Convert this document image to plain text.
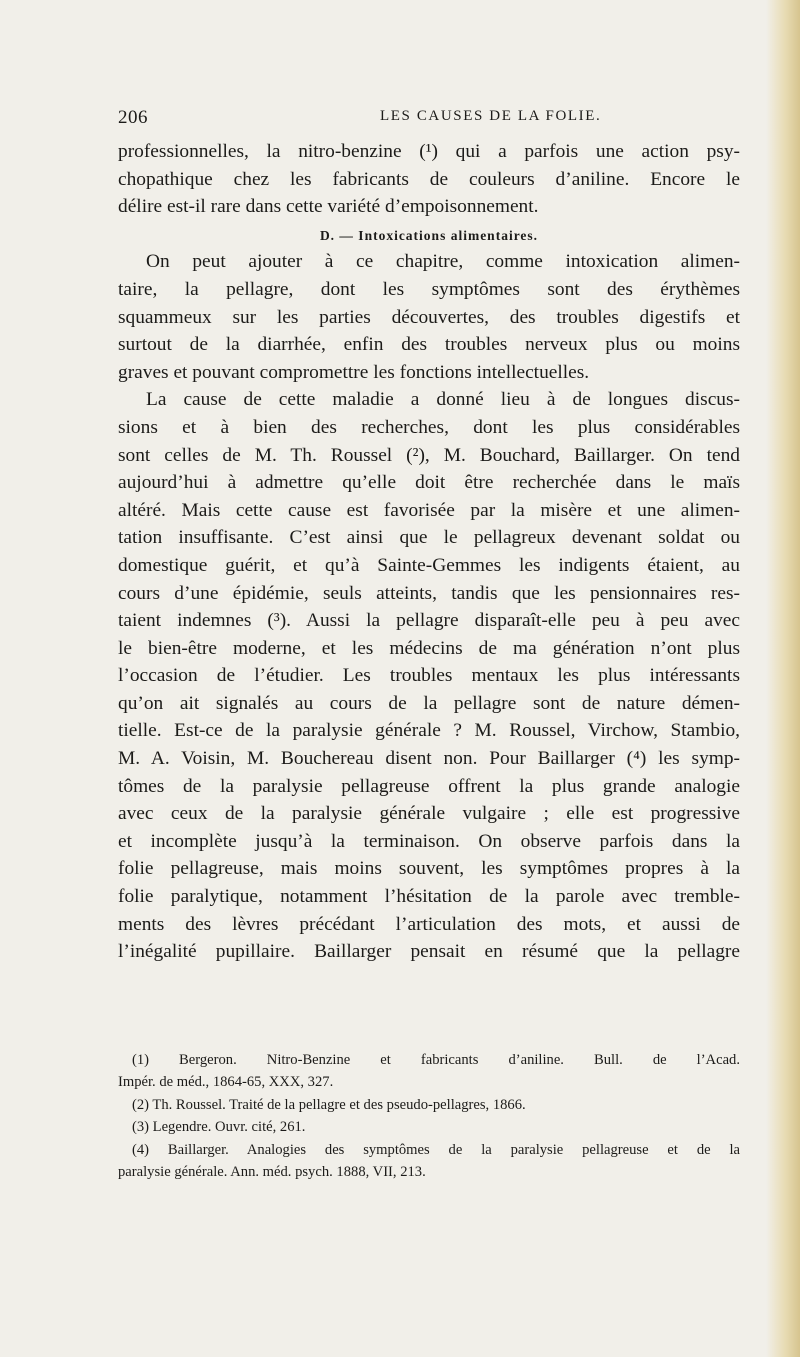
206	LES CAUSES DE LA FOLIE.
professionnelles, la nitro-benzine (¹) qui a parfois une action psy-
chopathique chez les fabricants de couleurs d’aniline. Encore le
délire est-il rare dans cette variété d’empoisonnement.
D. — Intoxications alimentaires.
On peut ajouter à ce chapitre, comme intoxication alimen-
taire, la pellagre, dont les symptômes sont des érythèmes
squammeux sur les parties découvertes, des troubles digestifs et
surtout de la diarrhée, enfin des troubles nerveux plus ou moins
graves et pouvant compromettre les fonctions intellectuelles.
La cause de cette maladie a donné lieu à de longues discus-
sions et à bien des recherches, dont les plus considérables
sont celles de M. Th. Roussel (²), M. Bouchard, Baillarger. On tend
aujourd’hui à admettre qu’elle doit être recherchée dans le maïs
altéré. Mais cette cause est favorisée par la misère et une alimen-
tation insuffisante. C’est ainsi que le pellagreux devenant soldat ou
domestique guérit, et qu’à Sainte-Gemmes les indigents étaient, au
cours d’une épidémie, seuls atteints, tandis que les pensionnaires res-
taient indemnes (³). Aussi la pellagre disparaît-elle peu à peu avec
le bien-être moderne, et les médecins de ma génération n’ont plus
l’occasion de l’étudier. Les troubles mentaux les plus intéressants
qu’on ait signalés au cours de la pellagre sont de nature démen-
tielle. Est-ce de la paralysie générale ? M. Roussel, Virchow, Stambio,
M. A. Voisin, M. Bouchereau disent non. Pour Baillarger (⁴) les symp-
tômes de la paralysie pellagreuse offrent la plus grande analogie
avec ceux de la paralysie générale vulgaire ; elle est progressive
et incomplète jusqu’à la terminaison. On observe parfois dans la
folie pellagreuse, mais moins souvent, les symptômes propres à la
folie paralytique, notamment l’hésitation de la parole avec tremble-
ments des lèvres précédant l’articulation des mots, et aussi de
l’inégalité pupillaire. Baillarger pensait en résumé que la pellagre
(1) Bergeron. Nitro-Benzine et fabricants d’aniline. Bull. de l’Acad.
Impér. de méd., 1864-65, XXX, 327.
(2) Th. Roussel. Traité de la pellagre et des pseudo-pellagres, 1866.
(3) Legendre. Ouvr. cité, 261.
(4) Baillarger. Analogies des symptômes de la paralysie pellagreuse et de la
paralysie générale. Ann. méd. psych. 1888, VII, 213.
